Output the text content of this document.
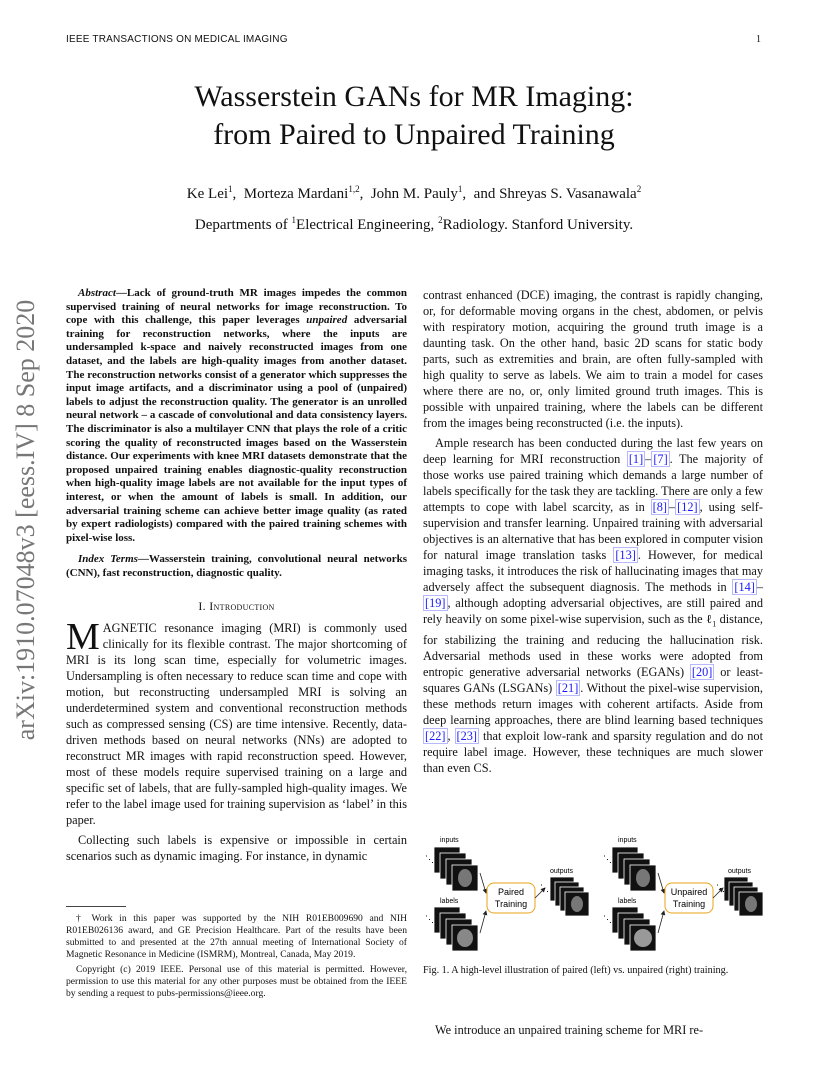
IEEE TRANSACTIONS ON MEDICAL IMAGING	1
Wasserstein GANs for MR Imaging:
from Paired to Unpaired Training
Ke Lei$^1$,  Morteza Mardani$^{1,2}$,  John M. Pauly$^1$,  and Shreyas S. Vasanawala$^2$
Departments of $^1$Electrical Engineering, $^2$Radiology. Stanford University.
arXiv:1910.07048v3 [eess.IV] 8 Sep 2020

Abstract—Lack of ground-truth MR images impedes the common supervised training of neural networks for image reconstruction. To cope with this challenge, this paper leverages unpaired adversarial training for reconstruction networks, where the inputs are undersampled k-space and naively reconstructed images from one dataset, and the labels are high-quality images from another dataset. The reconstruction networks consist of a generator which suppresses the input image artifacts, and a discriminator using a pool of (unpaired) labels to adjust the reconstruction quality. The generator is an unrolled neural network – a cascade of convolutional and data consistency layers. The discriminator is also a multilayer CNN that plays the role of a critic scoring the quality of reconstructed images based on the Wasserstein distance. Our experiments with knee MRI datasets demonstrate that the proposed unpaired training enables diagnostic-quality reconstruction when high-quality image labels are not available for the input types of interest, or when the amount of labels is small. In addition, our adversarial training scheme can achieve better image quality (as rated by expert radiologists) compared with the paired training schemes with pixel-wise loss.

Index Terms—Wasserstein training, convolutional neural networks (CNN), fast reconstruction, diagnostic quality.

I. Introduction

MAGNETIC resonance imaging (MRI) is commonly used clinically for its flexible contrast. The major shortcoming of MRI is its long scan time, especially for volumetric images. Undersampling is often necessary to reduce scan time and cope with motion, but reconstructing undersampled MRI is solving an underdetermined system and conventional reconstruction methods such as compressed sensing (CS) are time intensive. Recently, data-driven methods based on neural networks (NNs) are adopted to reconstruct MR images with rapid reconstruction speed. However, most of these models require supervised training on a large and specific set of labels, that are fully-sampled high-quality images. We refer to the label image used for training supervision as ‘label’ in this paper.

Collecting such labels is expensive or impossible in certain scenarios such as dynamic imaging. For instance, in dynamic

† Work in this paper was supported by the NIH R01EB009690 and NIH R01EB026136 award, and GE Precision Healthcare. Part of the results have been submitted to and presented at the 27th annual meeting of International Society of Magnetic Resonance in Medicine (ISMRM), Montreal, Canada, May 2019.

Copyright (c) 2019 IEEE. Personal use of this material is permitted. However, permission to use this material for any other purposes must be obtained from the IEEE by sending a request to pubs-permissions@ieee.org.

contrast enhanced (DCE) imaging, the contrast is rapidly changing, or, for deformable moving organs in the chest, abdomen, or pelvis with respiratory motion, acquiring the ground truth image is a daunting task. On the other hand, basic 2D scans for static body parts, such as extremities and brain, are often fully-sampled with high quality to serve as labels. We aim to train a model for cases where there are no, or, only limited ground truth images. This is possible with unpaired training, where the labels can be different from the images being reconstructed (i.e. the inputs).

Ample research has been conducted during the last few years on deep learning for MRI reconstruction [1] – [7] . The majority of those works use paired training which demands a large number of labels specifically for the task they are tackling. There are only a few attempts to cope with label scarcity, as in [8] – [12] , using self-supervision and transfer learning. Unpaired training with adversarial objectives is an alternative that has been explored in computer vision for natural image translation tasks [13] . However, for medical imaging tasks, it introduces the risk of hallucinating images that may adversely affect the subsequent diagnosis. The methods in [14] –[19] , although adopting adversarial objectives, are still paired and rely heavily on some pixel-wise supervision, such as the ℓ$_1$ distance, for stabilizing the training and reducing the hallucination risk. Adversarial methods used in these works were adopted from entropic generative adversarial networks (EGANs) [20] or least-squares GANs (LSGANs) [21] . Without the pixel-wise supervision, these methods return images with coherent artifacts. Aside from deep learning approaches, there are blind learning based techniques [22] , [23] that exploit low-rank and sparsity regulation and do not require label image. However, these techniques are much slower than even CS.

inputs
⋱
labels
⋱
Paired
Training
outputs
⋱
inputs
⋱
labels
⋱
Unpaired
Training
outputs
⋱
Fig. 1. A high-level illustration of paired (left) vs. unpaired (right) training.
We introduce an unpaired training scheme for MRI re-
